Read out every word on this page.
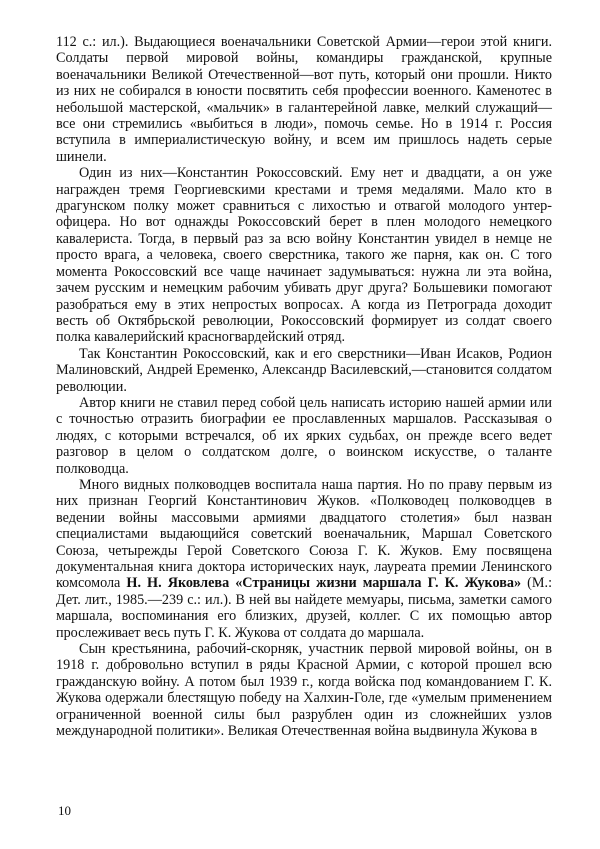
112 с.: ил.). Выдающиеся военачальники Советской Армии—герои этой книги. Солдаты первой мировой войны, командиры гражданской, крупные военачальники Великой Отечественной—вот путь, который они прошли. Никто из них не собирался в юности посвятить себя профессии военного. Каменотес в небольшой мастерской, «мальчик» в галантерейной лавке, мелкий служащий—все они стремились «выбиться в люди», помочь семье. Но в 1914 г. Россия вступила в империалистическую войну, и всем им пришлось надеть серые шинели.

Один из них—Константин Рокоссовский. Ему нет и двадцати, а он уже награжден тремя Георгиевскими крестами и тремя медалями. Мало кто в драгунском полку может сравниться с лихостью и отвагой молодого унтер-офицера. Но вот однажды Рокоссовский берет в плен молодого немецкого кавалериста. Тогда, в первый раз за всю войну Константин увидел в немце не просто врага, а человека, своего сверстника, такого же парня, как он. С того момента Рокоссовский все чаще начинает задумываться: нужна ли эта война, зачем русским и немецким рабочим убивать друг друга? Большевики помогают разобраться ему в этих непростых вопросах. А когда из Петрограда доходит весть об Октябрьской революции, Рокоссовский формирует из солдат своего полка кавалерийский красногвардейский отряд.

Так Константин Рокоссовский, как и его сверстники—Иван Исаков, Родион Малиновский, Андрей Еременко, Александр Василевский,—становится солдатом революции.

Автор книги не ставил перед собой цель написать историю нашей армии или с точностью отразить биографии ее прославленных маршалов. Рассказывая о людях, с которыми встречался, об их ярких судьбах, он прежде всего ведет разговор в целом о солдатском долге, о воинском искусстве, о таланте полководца.

Много видных полководцев воспитала наша партия. Но по праву первым из них признан Георгий Константинович Жуков. «Полководец полководцев в ведении войны массовыми армиями двадцатого столетия» был назван специалистами выдающийся советский военачальник, Маршал Советского Союза, четырежды Герой Советского Союза Г. К. Жуков. Ему посвящена документальная книга доктора исторических наук, лауреата премии Ленинского комсомола Н. Н. Яковлева «Страницы жизни маршала Г. К. Жукова» (М.: Дет. лит., 1985.—239 с.: ил.). В ней вы найдете мемуары, письма, заметки самого маршала, воспоминания его близких, друзей, коллег. С их помощью автор прослеживает весь путь Г. К. Жукова от солдата до маршала.

Сын крестьянина, рабочий-скорняк, участник первой мировой войны, он в 1918 г. добровольно вступил в ряды Красной Армии, с которой прошел всю гражданскую войну. А потом был 1939 г., когда войска под командованием Г. К. Жукова одержали блестящую победу на Халхин-Голе, где «умелым применением ограниченной военной силы был разрублен один из сложнейших узлов международной политики». Великая Отечественная война выдвинула Жукова в

10
